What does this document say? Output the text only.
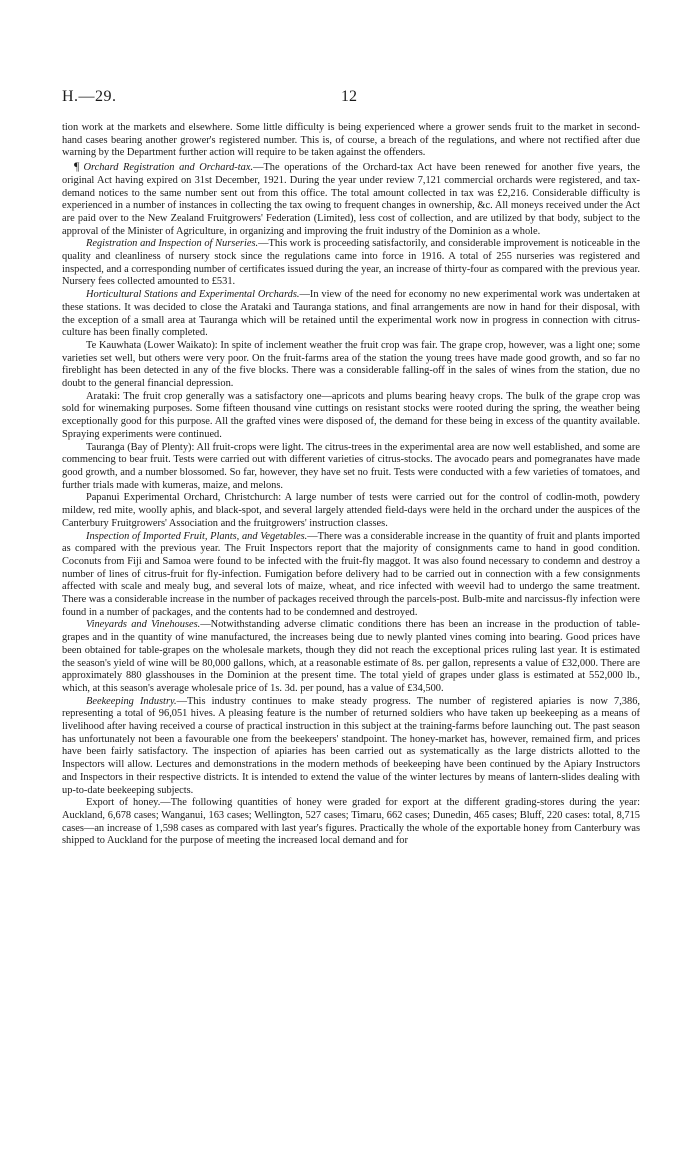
H.—29.	12

tion work at the markets and elsewhere. Some little difficulty is being experienced where a grower sends fruit to the market in second-hand cases bearing another grower's registered number. This is, of course, a breach of the regulations, and where not rectified after due warning by the Department further action will require to be taken against the offenders.

¶ Orchard Registration and Orchard-tax.—The operations of the Orchard-tax Act have been renewed for another five years, the original Act having expired on 31st December, 1921. During the year under review 7,121 commercial orchards were registered, and tax-demand notices to the same number sent out from this office. The total amount collected in tax was £2,216. Considerable difficulty is experienced in a number of instances in collecting the tax owing to frequent changes in ownership, &c. All moneys received under the Act are paid over to the New Zealand Fruitgrowers' Federation (Limited), less cost of collection, and are utilized by that body, subject to the approval of the Minister of Agriculture, in organizing and improving the fruit industry of the Dominion as a whole.

Registration and Inspection of Nurseries.—This work is proceeding satisfactorily, and considerable improvement is noticeable in the quality and cleanliness of nursery stock since the regulations came into force in 1916. A total of 255 nurseries was registered and inspected, and a corresponding number of certificates issued during the year, an increase of thirty-four as compared with the previous year. Nursery fees collected amounted to £531.

Horticultural Stations and Experimental Orchards.—In view of the need for economy no new experimental work was undertaken at these stations. It was decided to close the Arataki and Tauranga stations, and final arrangements are now in hand for their disposal, with the exception of a small area at Tauranga which will be retained until the experimental work now in progress in connection with citrus-culture has been finally completed.

Te Kauwhata (Lower Waikato): In spite of inclement weather the fruit crop was fair. The grape crop, however, was a light one; some varieties set well, but others were very poor. On the fruit-farms area of the station the young trees have made good growth, and so far no fireblight has been detected in any of the five blocks. There was a considerable falling-off in the sales of wines from the station, due no doubt to the general financial depression.

Arataki: The fruit crop generally was a satisfactory one—apricots and plums bearing heavy crops. The bulk of the grape crop was sold for winemaking purposes. Some fifteen thousand vine cuttings on resistant stocks were rooted during the spring, the weather being exceptionally good for this purpose. All the grafted vines were disposed of, the demand for these being in excess of the quantity available. Spraying experiments were continued.

Tauranga (Bay of Plenty): All fruit-crops were light. The citrus-trees in the experimental area are now well established, and some are commencing to bear fruit. Tests were carried out with different varieties of citrus-stocks. The avocado pears and pomegranates have made good growth, and a number blossomed. So far, however, they have set no fruit. Tests were conducted with a few varieties of tomatoes, and further trials made with kumeras, maize, and melons.

Papanui Experimental Orchard, Christchurch: A large number of tests were carried out for the control of codlin-moth, powdery mildew, red mite, woolly aphis, and black-spot, and several largely attended field-days were held in the orchard under the auspices of the Canterbury Fruitgrowers' Association and the fruitgrowers' instruction classes.

Inspection of Imported Fruit, Plants, and Vegetables.—There was a considerable increase in the quantity of fruit and plants imported as compared with the previous year. The Fruit Inspectors report that the majority of consignments came to hand in good condition. Coconuts from Fiji and Samoa were found to be infected with the fruit-fly maggot. It was also found necessary to condemn and destroy a number of lines of citrus-fruit for fly-infection. Fumigation before delivery had to be carried out in connection with a few consignments affected with scale and mealy bug, and several lots of maize, wheat, and rice infected with weevil had to undergo the same treatment. There was a considerable increase in the number of packages received through the parcels-post. Bulb-mite and narcissus-fly infection were found in a number of packages, and the contents had to be condemned and destroyed.

Vineyards and Vinehouses.—Notwithstanding adverse climatic conditions there has been an increase in the production of table-grapes and in the quantity of wine manufactured, the increases being due to newly planted vines coming into bearing. Good prices have been obtained for table-grapes on the wholesale markets, though they did not reach the exceptional prices ruling last year. It is estimated the season's yield of wine will be 80,000 gallons, which, at a reasonable estimate of 8s. per gallon, represents a value of £32,000. There are approximately 880 glasshouses in the Dominion at the present time. The total yield of grapes under glass is estimated at 552,000 lb., which, at this season's average wholesale price of 1s. 3d. per pound, has a value of £34,500.

Beekeeping Industry.—This industry continues to make steady progress. The number of registered apiaries is now 7,386, representing a total of 96,051 hives. A pleasing feature is the number of returned soldiers who have taken up beekeeping as a means of livelihood after having received a course of practical instruction in this subject at the training-farms before launching out. The past season has unfortunately not been a favourable one from the beekeepers' standpoint. The honey-market has, however, remained firm, and prices have been fairly satisfactory. The inspection of apiaries has been carried out as systematically as the large districts allotted to the Inspectors will allow. Lectures and demonstrations in the modern methods of beekeeping have been continued by the Apiary Instructors and Inspectors in their respective districts. It is intended to extend the value of the winter lectures by means of lantern-slides dealing with up-to-date beekeeping subjects.

Export of honey.—The following quantities of honey were graded for export at the different grading-stores during the year: Auckland, 6,678 cases; Wanganui, 163 cases; Wellington, 527 cases; Timaru, 662 cases; Dunedin, 465 cases; Bluff, 220 cases: total, 8,715 cases—an increase of 1,598 cases as compared with last year's figures. Practically the whole of the exportable honey from Canterbury was shipped to Auckland for the purpose of meeting the increased local demand and for
